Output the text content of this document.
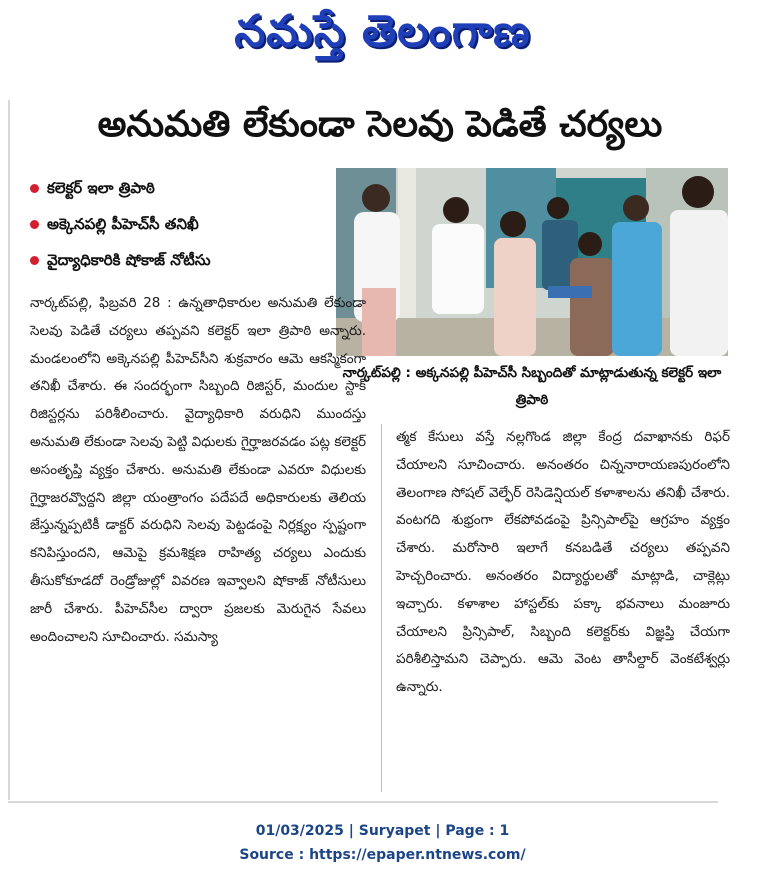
నమస్తే తెలంగాణ
అనుమతి లేకుండా సెలవు పెడితే చర్యలు
కలెక్టర్ ఇలా త్రిపాఠి
అక్కెనపల్లి పీహెచ్‌సీ తనిఖీ
వైద్యాధికారికి షోకాజ్ నోటీసు
నార్కట్‌పల్లి : అక్కనపల్లి పీహెచ్‌సీ సిబ్బందితో మాట్లాడుతున్న కలెక్టర్ ఇలా త్రిపాఠి
నార్కట్‌పల్లి, ఫిబ్రవరి 28 : ఉన్నతాధికారుల అనుమతి లేకుండా సెలవు పెడితే చర్యలు తప్పవని కలెక్టర్ ఇలా త్రిపాఠి అన్నారు. మండలంలోని అక్కెనపల్లి పీహెచ్‌సీని శుక్రవారం ఆమె ఆకస్మికంగా తనిఖీ చేశారు. ఈ సందర్భంగా సిబ్బంది రిజిస్టర్, మందుల స్టాక్ రిజిస్టర్లను పరిశీలించారు. వైద్యాధికారి వరుధిని ముందస్తు అనుమతి లేకుండా సెలవు పెట్టి విధులకు గైర్హాజరవడం పట్ల కలెక్టర్ అసంతృప్తి వ్యక్తం చేశారు. అనుమతి లేకుండా ఎవరూ విధులకు గైర్హాజరవ్వొద్దని జిల్లా యంత్రాంగం పదేపదే అధికారులకు తెలియ జేస్తున్నప్పటికీ డాక్టర్ వరుధిని సెలవు పెట్టడంపై నిర్లక్ష్యం స్పష్టంగా కనిపిస్తుందని, ఆమెపై క్రమశిక్షణ రాహిత్య చర్యలు ఎందుకు తీసుకోకూడదో రెండ్రోజుల్లో వివరణ ఇవ్వాలని షోకాజ్ నోటీసులు జారీ చేశారు. పీహెచ్‌సీల ద్వారా ప్రజలకు మెరుగైన సేవలు అందించాలని సూచించారు. సమస్యా
త్మక కేసులు వస్తే నల్లగొండ జిల్లా కేంద్ర దవాఖానకు రిఫర్ చేయాలని సూచించారు. అనంతరం చిన్ననారాయణపురంలోని తెలంగాణ సోషల్ వెల్ఫేర్ రెసిడెన్షియల్ కళాశాలను తనిఖీ చేశారు. వంటగది శుభ్రంగా లేకపోవడంపై ప్రిన్సిపాల్‌పై ఆగ్రహం వ్యక్తం చేశారు. మరోసారి ఇలాగే కనబడితే చర్యలు తప్పవని హెచ్చరించారు. అనంతరం విద్యార్థులతో మాట్లాడి, చాక్లెట్లు ఇచ్చారు. కళాశాల హాస్టల్‌కు పక్కా భవనాలు మంజూరు చేయాలని ప్రిన్సిపాల్, సిబ్బంది కలెక్టర్‌కు విజ్ఞప్తి చేయగా పరిశీలిస్తామని చెప్పారు. ఆమె వెంట తాసీల్దార్ వెంకటేశ్వర్లు ఉన్నారు.
01/03/2025 | Suryapet | Page : 1
Source : https://epaper.ntnews.com/
